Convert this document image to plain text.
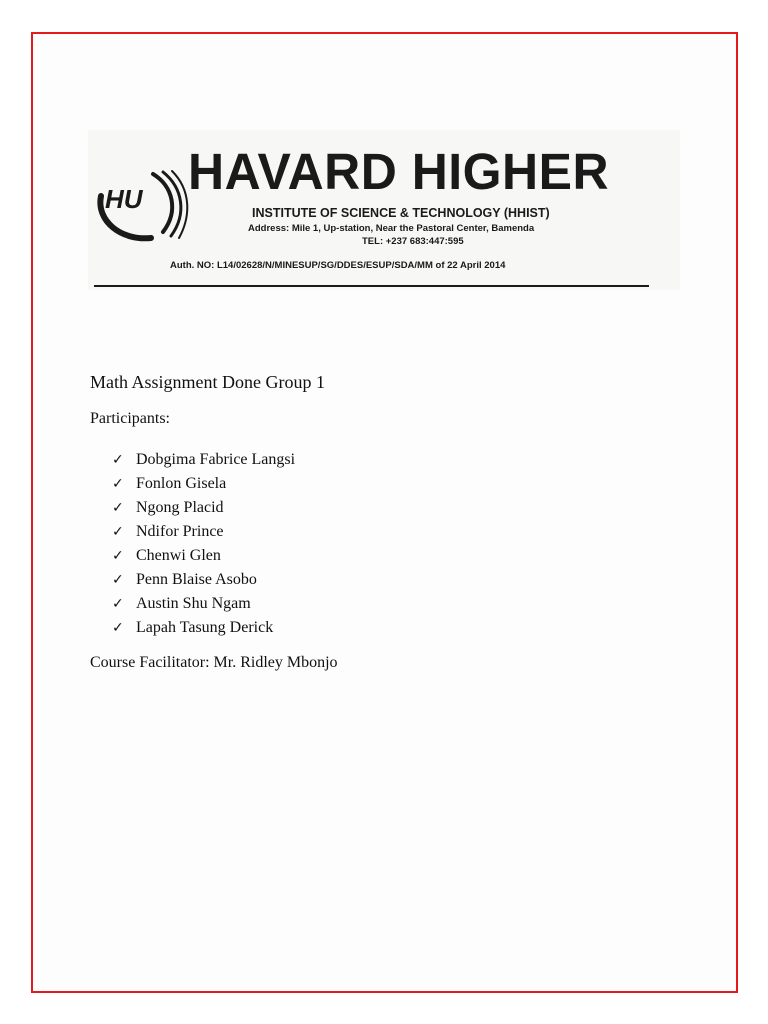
HU HAVARD HIGHER
INSTITUTE OF SCIENCE & TECHNOLOGY (HHIST)
Address: Mile 1, Up-station, Near the Pastoral Center, Bamenda
TEL: +237 683:447:595
Auth. NO: L14/02628/N/MINESUP/SG/DDES/ESUP/SDA/MM of 22 April 2014
Math Assignment Done Group 1
Participants:
✓ Dobgima Fabrice Langsi
✓ Fonlon Gisela
✓ Ngong Placid
✓ Ndifor Prince
✓ Chenwi Glen
✓ Penn Blaise Asobo
✓ Austin Shu Ngam
✓ Lapah Tasung Derick
Course Facilitator: Mr. Ridley Mbonjo
